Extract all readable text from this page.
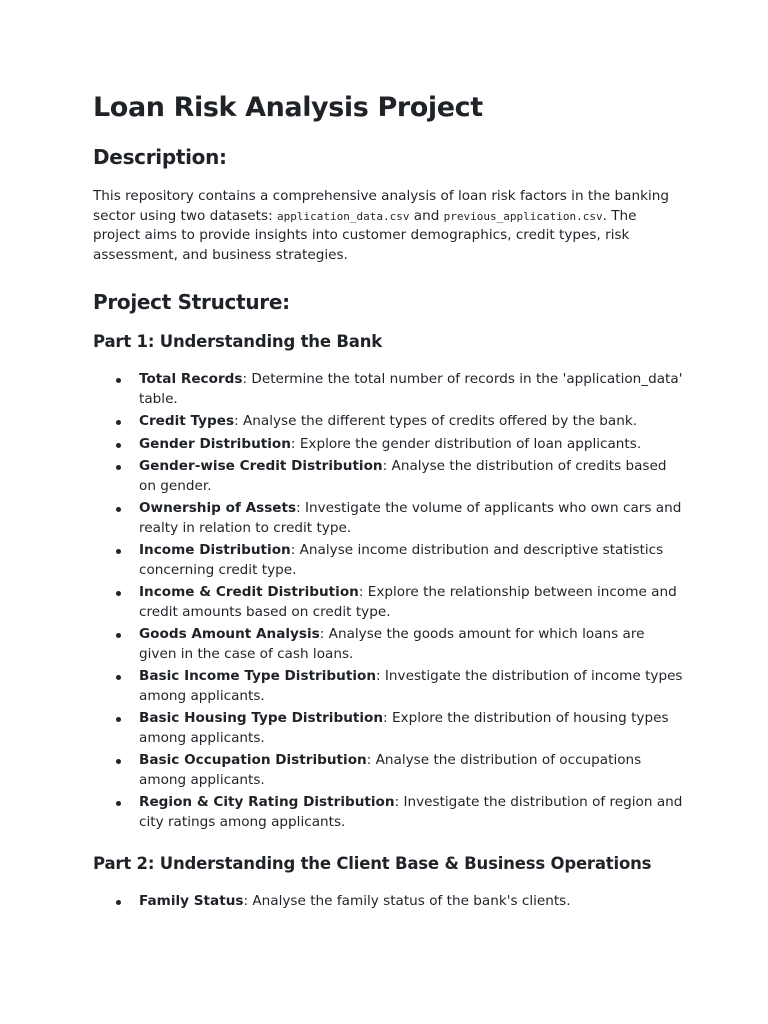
Loan Risk Analysis Project
Description:

This repository contains a comprehensive analysis of loan risk factors in the banking sector using two datasets: application_data.csv and previous_application.csv. The project aims to provide insights into customer demographics, credit types, risk assessment, and business strategies.

Project Structure:
Part 1: Understanding the Bank
Total Records: Determine the total number of records in the 'application_data' table.
Credit Types: Analyse the different types of credits offered by the bank.
Gender Distribution: Explore the gender distribution of loan applicants.
Gender-wise Credit Distribution: Analyse the distribution of credits based on gender.
Ownership of Assets: Investigate the volume of applicants who own cars and realty in relation to credit type.
Income Distribution: Analyse income distribution and descriptive statistics concerning credit type.
Income & Credit Distribution: Explore the relationship between income and credit amounts based on credit type.
Goods Amount Analysis: Analyse the goods amount for which loans are given in the case of cash loans.
Basic Income Type Distribution: Investigate the distribution of income types among applicants.
Basic Housing Type Distribution: Explore the distribution of housing types among applicants.
Basic Occupation Distribution: Analyse the distribution of occupations among applicants.
Region & City Rating Distribution: Investigate the distribution of region and city ratings among applicants.
Part 2: Understanding the Client Base & Business Operations
Family Status: Analyse the family status of the bank's clients.
